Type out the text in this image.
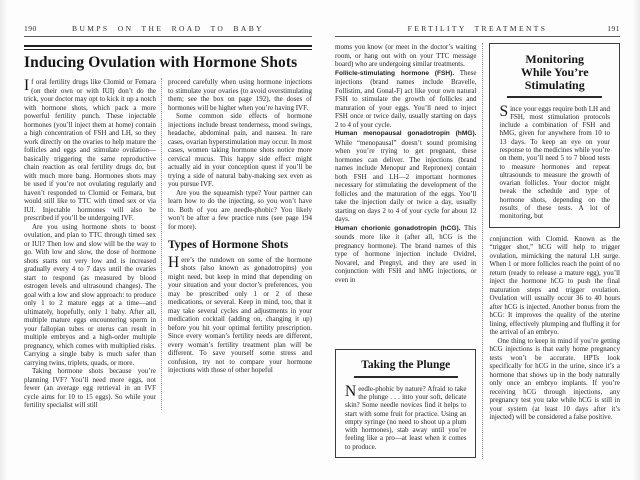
190	BUMPS ON THE ROAD TO BABY
Inducing Ovulation with Hormone Shots

If oral fertility drugs like Clomid or Femara (on their own or with IUI) don’t do the trick, your doctor may opt to kick it up a notch with hormone shots, which pack a more powerful fertility punch. These injectable hormones (you’ll inject them at home) contain a high concentration of FSH and LH, so they work directly on the ovaries to help mature the follicles and eggs and stimulate ovulation—basically triggering the same reproductive chain reaction as oral fertility drugs do, but with much more bang. Hormones shots may be used if you’re not ovulating regularly and haven’t responded to Clomid or Femara, but would still like to TTC with timed sex or via IUI. Injectable hormones will also be prescribed if you’ll be undergoing IVF.

Are you using hormone shots to boost ovulation, and plan to TTC through timed sex or IUI? Then low and slow will be the way to go. With low and slow, the dose of hormone shots starts out very low and is increased gradually every 4 to 7 days until the ovaries start to respond (as measured by blood estrogen levels and ultrasound changes). The goal with a low and slow approach: to produce only 1 to 2 mature eggs at a time—and ultimately, hopefully, only 1 baby. After all, multiple mature eggs encountering sperm in your fallopian tubes or uterus can result in multiple embryos and a high-order multiple pregnancy, which comes with multiplied risks. Carrying a single baby is much safer than carrying twins, triplets, quads, or more.

Taking hormone shots because you’re planning IVF? You’ll need more eggs, not fewer (an average egg retrieval in an IVF cycle aims for 10 to 15 eggs). So while your fertility specialist will still

proceed carefully when using hormone injections to stimulate your ovaries (to avoid overstimulating them; see the box on page 192), the doses of hormones will be higher when you’re having IVF.

Some common side effects of hormone injections include breast tenderness, mood swings, headache, abdominal pain, and nausea. In rare cases, ovarian hyperstimulation may occur. In most cases, women taking hormone shots notice more cervical mucus. This happy side effect might actually aid in your conception quest if you’ll be trying a side of natural baby-making sex even as you pursue IVF.

Are you the squeamish type? Your partner can learn how to do the injecting, so you won’t have to. Both of you are needle-phobic? You likely won’t be after a few practice runs (see page 194 for more).

Types of Hormone Shots

Here’s the rundown on some of the hormone shots (also known as gonadotropins) you might need, but keep in mind that depending on your situation and your doctor’s preferences, you may be prescribed only 1 or 2 of these medications, or several. Keep in mind, too, that it may take several cycles and adjustments in your medication cocktail (adding on, changing it up) before you hit your optimal fertility prescription. Since every woman’s fertility needs are different, every woman’s fertility treatment plan will be different. To save yourself some stress and confusion, try not to compare your hormone injections with those of other hopeful

FERTILITY TREATMENTS	191

moms you know (or meet in the doctor’s waiting room, or hang out with on your TTC message board) who are undergoing similar treatments.

Follicle-stimulating hormone (FSH). These injections (brand names include Bravelle, Follistim, and Gonal-F) act like your own natural FSH to stimulate the growth of follicles and maturation of your eggs. You’ll need to inject FSH once or twice daily, usually starting on days 2 to 4 of your cycle.

Human menopausal gonadotropin (hMG). While “menopausal” doesn’t sound promising when you’re trying to get pregnant, these hormones can deliver. The injections (brand names include Menopur and Repronex) contain both FSH and LH—2 important hormones necessary for stimulating the development of the follicles and the maturation of the eggs. You’ll take the injection daily or twice a day, usually starting on days 2 to 4 of your cycle for about 12 days.

Human chorionic gonadotropin (hCG). This sounds more like it (after all, hCG is the pregnancy hormone). The brand names of this type of hormone injection include Ovidrel, Novarel, and Pregnyl, and they are used in conjunction with FSH and hMG injections, or even in

Taking the Plunge

Needle-phobic by nature? Afraid to take the plunge . . . into your soft, delicate skin? Some needle novices find it helps to start with some fruit for practice. Using an empty syringe (no need to shoot up a plum with hormones), stab away until you’re feeling like a pro—at least when it comes to produce.

Monitoring While You’re Stimulating

Since your eggs require both LH and FSH, most stimulation protocols include a combination of FSH and hMG, given for anywhere from 10 to 13 days. To keep an eye on your response to the medicines while you’re on them, you’ll need 5 to 7 blood tests to measure hormones and repeat ultrasounds to measure the growth of ovarian follicles. Your doctor might tweak the schedule and type of hormone shots, depending on the results of these tests. A lot of monitoring, but

conjunction with Clomid. Known as the “trigger shot,” hCG will help to trigger ovulation, mimicking the natural LH surge. When 1 or more follicles reach the point of no return (ready to release a mature egg), you’ll inject the hormone hCG to push the final maturation steps and trigger ovulation. Ovulation will usually occur 36 to 40 hours after hCG is injected. Another bonus from the hCG: It improves the quality of the uterine lining, effectively plumping and fluffing it for the arrival of an embryo.

One thing to keep in mind if you’re getting hCG injections is that early home pregnancy tests won’t be accurate. HPTs look specifically for hCG in the urine, since it’s a hormone that shows up in the body naturally only once an embryo implants. If you’re receiving hCG through injections, any pregnancy test you take while hCG is still in your system (at least 10 days after it’s injected) will be considered a false positive.
